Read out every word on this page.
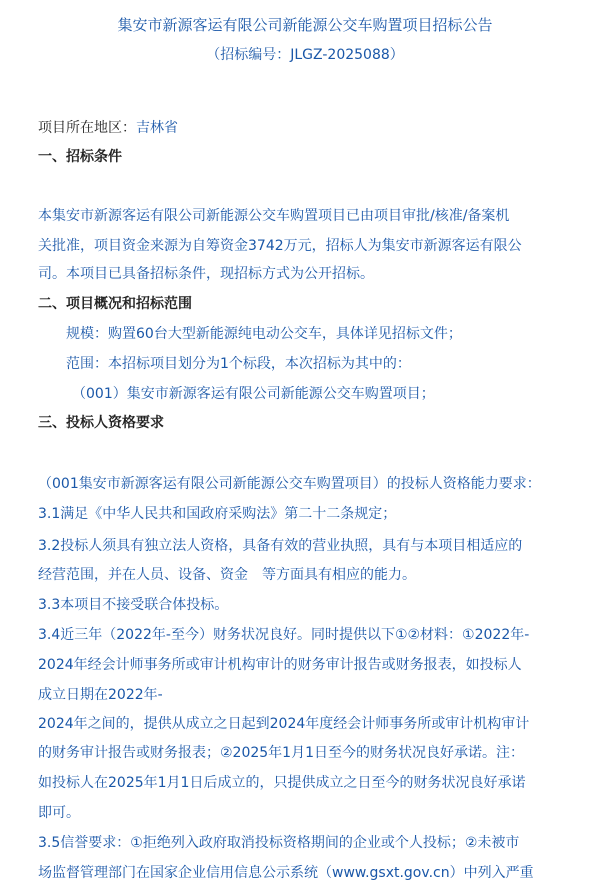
集安市新源客运有限公司新能源公交车购置项目招标公告
（招标编号：JLGZ-2025088）
项目所在地区：吉林省
一、招标条件
本集安市新源客运有限公司新能源公交车购置项目已由项目审批/核准/备案机
关批准，项目资金来源为自筹资金3742万元，招标人为集安市新源客运有限公
司。本项目已具备招标条件，现招标方式为公开招标。
二、项目概况和招标范围
规模：购置60台大型新能源纯电动公交车，具体详见招标文件；
范围：本招标项目划分为1个标段，本次招标为其中的：
（001）集安市新源客运有限公司新能源公交车购置项目；
三、投标人资格要求
（001集安市新源客运有限公司新能源公交车购置项目）的投标人资格能力要求：
3.1满足《中华人民共和国政府采购法》第二十二条规定；
3.2投标人须具有独立法人资格，具备有效的营业执照，具有与本项目相适应的
经营范围，并在人员、设备、资金　等方面具有相应的能力。
3.3本项目不接受联合体投标。
3.4近三年（2022年-至今）财务状况良好。同时提供以下①②材料：①2022年-
2024年经会计师事务所或审计机构审计的财务审计报告或财务报表，如投标人
成立日期在2022年-
2024年之间的，提供从成立之日起到2024年度经会计师事务所或审计机构审计
的财务审计报告或财务报表；②2025年1月1日至今的财务状况良好承诺。注：
如投标人在2025年1月1日后成立的，只提供成立之日至今的财务状况良好承诺
即可。
3.5信誉要求：①拒绝列入政府取消投标资格期间的企业或个人投标；②未被市
场监督管理部门在国家企业信用信息公示系统（www.gsxt.gov.cn）中列入严重
